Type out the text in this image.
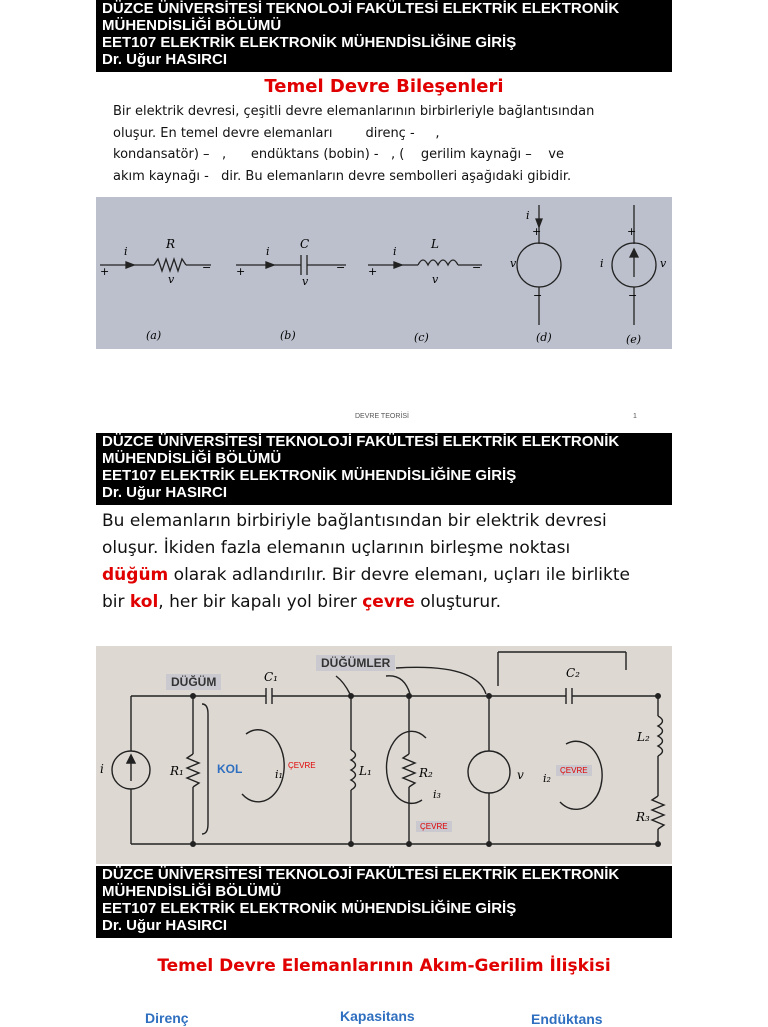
DÜZCE ÜNİVERSİTESİ TEKNOLOJİ FAKÜLTESİ ELEKTRİK ELEKTRONİK
MÜHENDİSLİĞİ BÖLÜMÜ
EET107 ELEKTRİK ELEKTRONİK MÜHENDİSLİĞİNE GİRİŞ
Dr. Uğur HASIRCI
Temel Devre Bileşenleri
Bir elektrik devresi, çeşitli devre elemanlarının birbirleriyle bağlantısından
oluşur. En temel devre elemanları        direnç -     ,
kondansatör) –   ,      endüktans (bobin) -   , (    gerilim kaynağı –    ve
akım kaynağı -   dir. Bu elemanların devre sembolleri aşağıdaki gibidir.
i
R
+
v
−
i
C
+
v
−
i
L
+
v
−
i
+
v
−
+
i	v
−
(a)	(b)	(c)	(d)	(e)
DEVRE TEORİSİ	1
DÜZCE ÜNİVERSİTESİ TEKNOLOJİ FAKÜLTESİ ELEKTRİK ELEKTRONİK
MÜHENDİSLİĞİ BÖLÜMÜ
EET107 ELEKTRİK ELEKTRONİK MÜHENDİSLİĞİNE GİRİŞ
Dr. Uğur HASIRCI
Bu elemanların birbiriyle bağlantısından bir elektrik devresi
oluşur. İkiden fazla elemanın uçlarının birleşme noktası
düğüm olarak adlandırılır. Bir devre elemanı, uçları ile birlikte
bir kol, her bir kapalı yol birer çevre oluşturur.
DÜĞÜM
DÜĞÜMLER
KOL	ÇEVRE
ÇEVRE
ÇEVRE
C₁	C₂
i	R₁	i₁	L₁	R₂
i₃
v i₂
L₂
R₃
DÜZCE ÜNİVERSİTESİ TEKNOLOJİ FAKÜLTESİ ELEKTRİK ELEKTRONİK
MÜHENDİSLİĞİ BÖLÜMÜ
EET107 ELEKTRİK ELEKTRONİK MÜHENDİSLİĞİNE GİRİŞ
Dr. Uğur HASIRCI
Temel Devre Elemanlarının Akım-Gerilim İlişkisi
Direnç	Kapasitans	Endüktans
